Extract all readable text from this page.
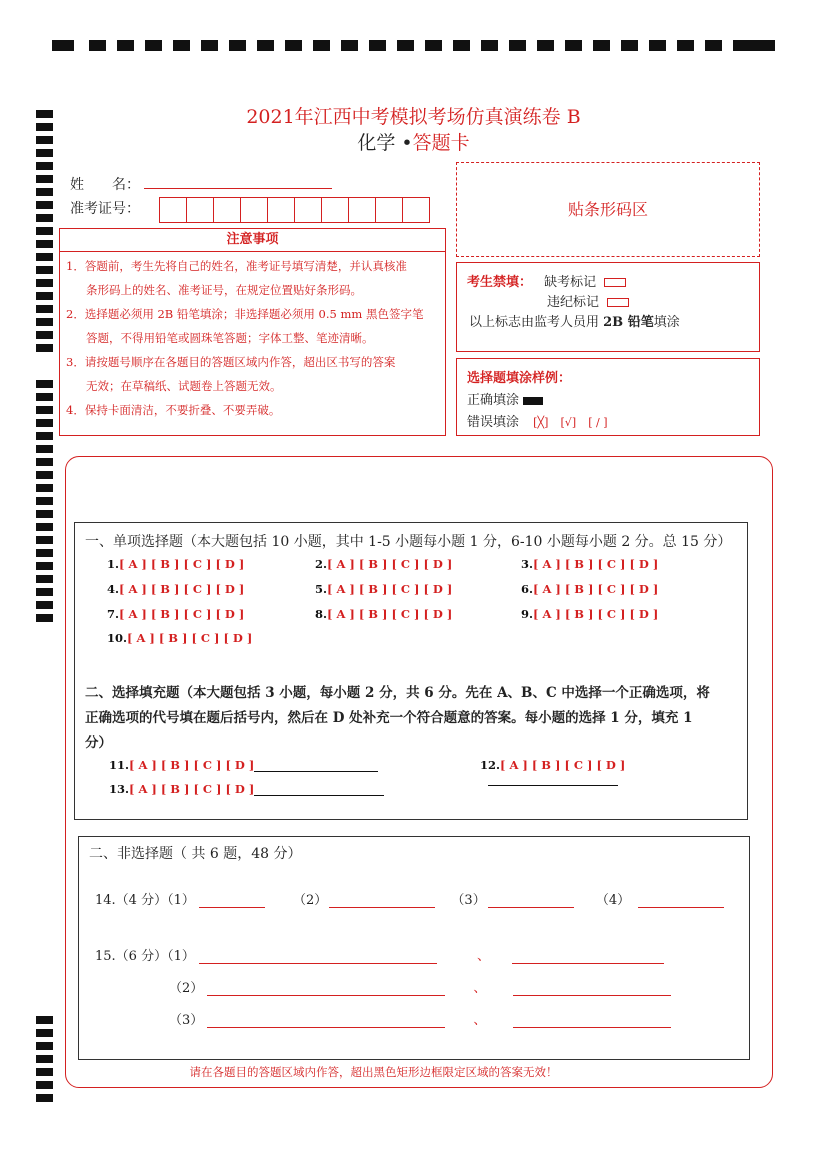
2021年江西中考模拟考场仿真演练卷 B
化学 •答题卡
姓　　名：
准考证号：	贴条形码区
注意事项

1．答题前，考生先将自己的姓名，准考证号填写清楚，并认真核准

条形码上的姓名、准考证号，在规定位置贴好条形码。

2．选择题必须用 2B 铅笔填涂；非选择题必须用 0.5 mm 黑色签字笔

答题，不得用铅笔或圆珠笔答题；字体工整、笔迹清晰。

3．请按题号顺序在各题目的答题区域内作答，超出区书写的答案

无效；在草稿纸、试题卷上答题无效。

4．保持卡面清洁，不要折叠、不要弄破。

考生禁填： 缺考标记
违纪标记
以上标志由监考人员用 2B 铅笔填涂
选择题填涂样例：
正确填涂
错误填涂 [╳] [√] [ / ]
一、单项选择题（本大题包括 10 小题，其中 1-5 小题每小题 1 分，6-10 小题每小题 2 分。总 15 分）
1.[ A ] [ B ] [ C ] [ D ]	2.[ A ] [ B ] [ C ] [ D ]	3.[ A ] [ B ] [ C ] [ D ]
4.[ A ] [ B ] [ C ] [ D ]	5.[ A ] [ B ] [ C ] [ D ]	6.[ A ] [ B ] [ C ] [ D ]
7.[ A ] [ B ] [ C ] [ D ]	8.[ A ] [ B ] [ C ] [ D ]	9.[ A ] [ B ] [ C ] [ D ]
10.[ A ] [ B ] [ C ] [ D ]
二、选择填充题（本大题包括 3 小题，每小题 2 分，共 6 分。先在 A、B、C 中选择一个正确选项，将
正确选项的代号填在题后括号内，然后在 D 处补充一个符合题意的答案。每小题的选择 1 分，填充 1
分）
11.[ A ] [ B ] [ C ] [ D ]	12.[ A ] [ B ] [ C ] [ D ]
13.[ A ] [ B ] [ C ] [ D ]
二、非选择题（ 共 6 题，48 分）
14.（4 分）（1）	（2）	（3）	（4）
15.（6 分）（1）	、
（2）	、
（3）	、
请在各题目的答题区域内作答，超出黑色矩形边框限定区域的答案无效！
